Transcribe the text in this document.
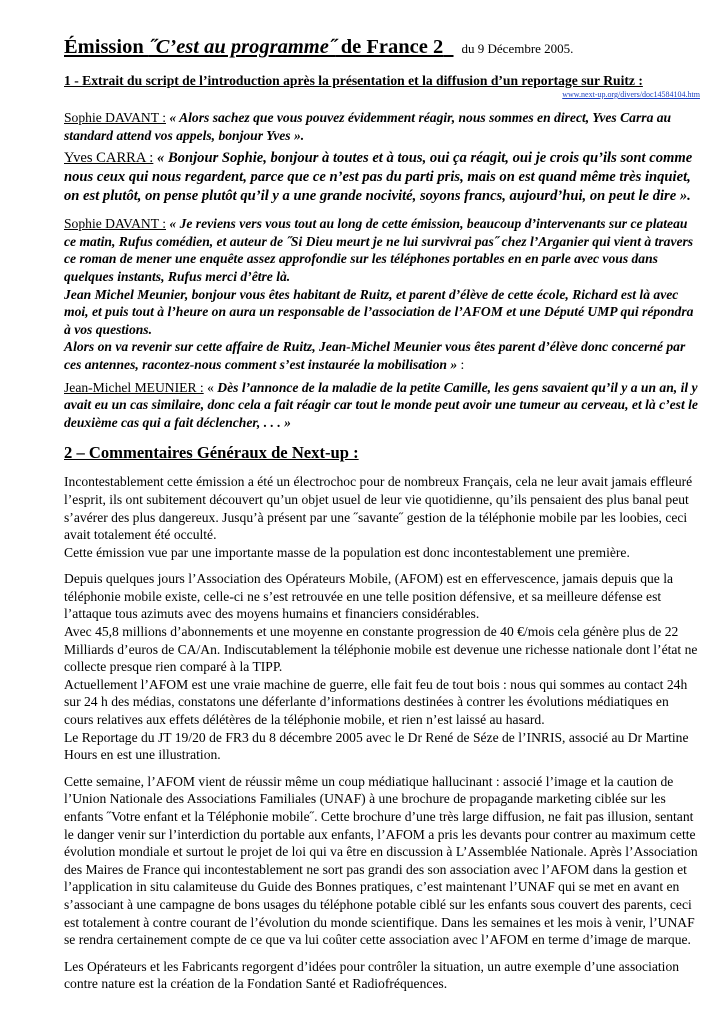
Émission ˝C’est au programme˝ de France 2 du 9 Décembre 2005.
1 - Extrait du script de l’introduction après la présentation et la diffusion d’un reportage sur Ruitz :
www.next-up.org/divers/doc14584104.htm

Sophie DAVANT : « Alors sachez que vous pouvez évidemment réagir, nous sommes en direct, Yves Carra au standard attend vos appels, bonjour Yves ».

Yves CARRA : « Bonjour Sophie, bonjour à toutes et à tous, oui ça réagit, oui je crois qu’ils sont comme nous ceux qui nous regardent, parce que ce n’est pas du parti pris, mais on est quand même très inquiet, on est plutôt, on pense plutôt qu’il y a une grande nocivité, soyons francs, aujourd’hui, on peut le dire ».

Sophie DAVANT : « Je reviens vers vous tout au long de cette émission, beaucoup d’intervenants sur ce plateau ce matin, Rufus comédien, et auteur de ˝Si Dieu meurt je ne lui survivrai pas˝ chez l’Arganier qui vient à travers ce roman de mener une enquête assez approfondie sur les téléphones portables en en parle avec vous dans quelques instants, Rufus merci d’être là.
Jean Michel Meunier, bonjour vous êtes habitant de Ruitz, et parent d’élève de cette école, Richard est là avec moi, et puis tout à l’heure on aura un responsable de l’association de l’AFOM et une Député UMP qui répondra à vos questions.
Alors on va revenir sur cette affaire de Ruitz, Jean-Michel Meunier vous êtes parent d’élève donc concerné par ces antennes, racontez-nous comment s’est instaurée la mobilisation » :

Jean-Michel MEUNIER : « Dès l’annonce de la maladie de la petite Camille, les gens savaient qu’il y a un an, il y avait eu un cas similaire, donc cela a fait réagir car tout le monde peut avoir une tumeur au cerveau, et là c’est le deuxième cas qui a fait déclencher, . . . »

2 – Commentaires Généraux de Next-up :

Incontestablement cette émission a été un électrochoc pour de nombreux Français, cela ne leur avait jamais effleuré l’esprit, ils ont subitement découvert qu’un objet usuel de leur vie quotidienne, qu’ils pensaient des plus banal peut s’avérer des plus dangereux. Jusqu’à présent par une ˝savante˝ gestion de la téléphonie mobile par les loobies, ceci avait totalement été occulté.

Cette émission vue par une importante masse de la population est donc incontestablement une première.

Depuis quelques jours l’Association des Opérateurs Mobile, (AFOM) est en effervescence, jamais depuis que la téléphonie mobile existe, celle-ci ne s’est retrouvée en une telle position défensive, et sa meilleure défense est l’attaque tous azimuts avec des moyens humains et financiers considérables.

Avec 45,8 millions d’abonnements et une moyenne en constante progression de 40 €/mois cela génère plus de 22 Milliards d’euros de CA/An. Indiscutablement la téléphonie mobile est devenue une richesse nationale dont l’état ne collecte presque rien comparé à la TIPP.

Actuellement l’AFOM est une vraie machine de guerre, elle fait feu de tout bois : nous qui sommes au contact 24h sur 24 h des médias, constatons une déferlante d’informations destinées à contrer les évolutions médiatiques en cours relatives aux effets délétères de la téléphonie mobile, et rien n’est laissé au hasard.

Le Reportage du JT 19/20 de FR3 du 8 décembre 2005 avec le Dr René de Séze de l’INRIS, associé au Dr Martine Hours en est une illustration.

Cette semaine, l’AFOM vient de réussir même un coup médiatique hallucinant : associé l’image et la caution de l’Union Nationale des Associations Familiales (UNAF) à une brochure de propagande marketing ciblée sur les enfants ˝Votre enfant et la Téléphonie mobile˝. Cette brochure d’une très large diffusion, ne fait pas illusion, sentant le danger venir sur l’interdiction du portable aux enfants, l’AFOM a pris les devants pour contrer au maximum cette évolution mondiale et surtout le projet de loi qui va être en discussion à L’Assemblée Nationale. Après l’Association des Maires de France qui incontestablement ne sort pas grandi des son association avec l’AFOM dans la gestion et l’application in situ calamiteuse du Guide des Bonnes pratiques, c’est maintenant l’UNAF qui se met en avant en s’associant à une campagne de bons usages du téléphone potable ciblé sur les enfants sous couvert des parents, ceci est totalement à contre courant de l’évolution du monde scientifique. Dans les semaines et les mois à venir, l’UNAF se rendra certainement compte de ce que va lui coûter cette association avec l’AFOM en terme d’image de marque.

Les Opérateurs et les Fabricants regorgent d’idées pour contrôler la situation, un autre exemple d’une association contre nature est la création de la Fondation Santé et Radiofréquences.
